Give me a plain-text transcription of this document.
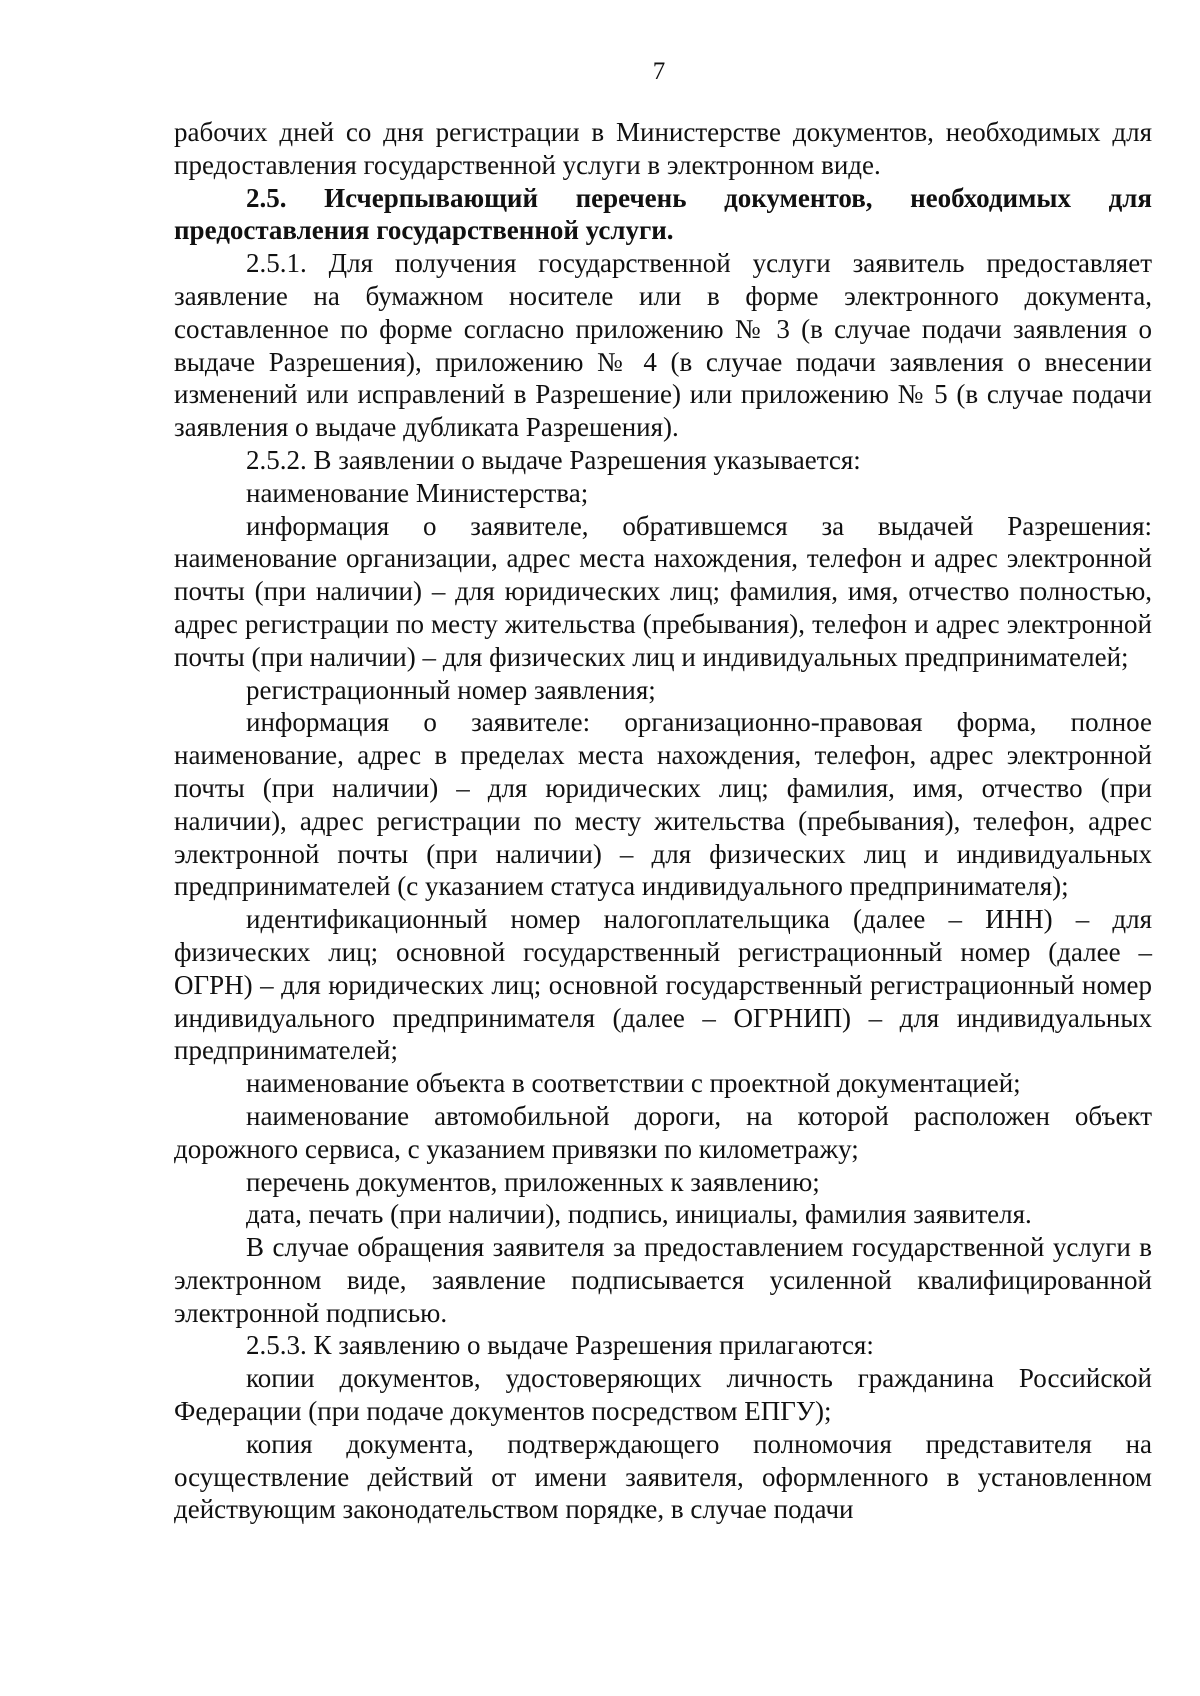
7

рабочих дней со дня регистрации в Министерстве документов, необходимых для предоставления государственной услуги в электронном виде.

2.5. Исчерпывающий перечень документов, необходимых для предоставления государственной услуги.

2.5.1. Для получения государственной услуги заявитель предоставляет заявление на бумажном носителе или в форме электронного документа, составленное по форме согласно приложению № 3 (в случае подачи заявления о выдаче Разрешения), приложению № 4 (в случае подачи заявления о внесении изменений или исправлений в Разрешение) или приложению № 5 (в случае подачи заявления о выдаче дубликата Разрешения).

2.5.2. В заявлении о выдаче Разрешения указывается:

наименование Министерства;

информация о заявителе, обратившемся за выдачей Разрешения: наименование организации, адрес места нахождения, телефон и адрес электронной почты (при наличии) – для юридических лиц; фамилия, имя, отчество полностью, адрес регистрации по месту жительства (пребывания), телефон и адрес электронной почты (при наличии) – для физических лиц и индивидуальных предпринимателей;

регистрационный номер заявления;

информация о заявителе: организационно-правовая форма, полное наименование, адрес в пределах места нахождения, телефон, адрес электронной почты (при наличии) – для юридических лиц; фамилия, имя, отчество (при наличии), адрес регистрации по месту жительства (пребывания), телефон, адрес электронной почты (при наличии) – для физических лиц и индивидуальных предпринимателей (с указанием статуса индивидуального предпринимателя);

идентификационный номер налогоплательщика (далее – ИНН) – для физических лиц; основной государственный регистрационный номер (далее – ОГРН) – для юридических лиц; основной государственный регистрационный номер индивидуального предпринимателя (далее – ОГРНИП) – для индивидуальных предпринимателей;

наименование объекта в соответствии с проектной документацией;

наименование автомобильной дороги, на которой расположен объект дорожного сервиса, с указанием привязки по километражу;

перечень документов, приложенных к заявлению;

дата, печать (при наличии), подпись, инициалы, фамилия заявителя.

В случае обращения заявителя за предоставлением государственной услуги в электронном виде, заявление подписывается усиленной квалифицированной электронной подписью.

2.5.3. К заявлению о выдаче Разрешения прилагаются:

копии документов, удостоверяющих личность гражданина Российской Федерации (при подаче документов посредством ЕПГУ);

копия документа, подтверждающего полномочия представителя на осуществление действий от имени заявителя, оформленного в установленном действующим законодательством порядке, в случае подачи
